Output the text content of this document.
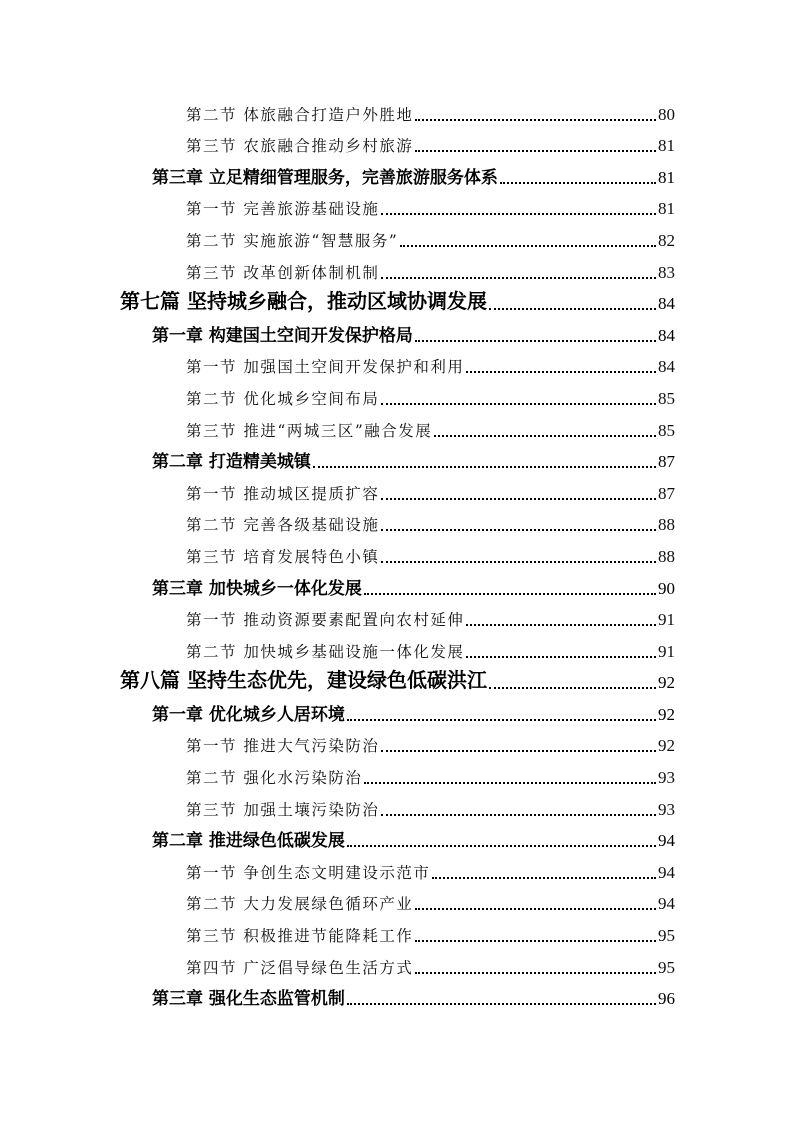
第二节 体旅融合打造户外胜地	80
第三节 农旅融合推动乡村旅游	81
第三章 立足精细管理服务，完善旅游服务体系	81
第一节 完善旅游基础设施	81
第二节 实施旅游“智慧服务”	82
第三节 改革创新体制机制	83
第七篇 坚持城乡融合，推动区域协调发展	84
第一章 构建国土空间开发保护格局	84
第一节 加强国土空间开发保护和利用	84
第二节 优化城乡空间布局	85
第三节 推进“两城三区”融合发展	85
第二章 打造精美城镇	87
第一节 推动城区提质扩容	87
第二节 完善各级基础设施	88
第三节 培育发展特色小镇	88
第三章 加快城乡一体化发展	90
第一节 推动资源要素配置向农村延伸	91
第二节 加快城乡基础设施一体化发展	91
第八篇 坚持生态优先，建设绿色低碳洪江	92
第一章 优化城乡人居环境	92
第一节 推进大气污染防治	92
第二节 强化水污染防治	93
第三节 加强土壤污染防治	93
第二章 推进绿色低碳发展	94
第一节 争创生态文明建设示范市	94
第二节 大力发展绿色循环产业	94
第三节 积极推进节能降耗工作	95
第四节 广泛倡导绿色生活方式	95
第三章 强化生态监管机制	96
